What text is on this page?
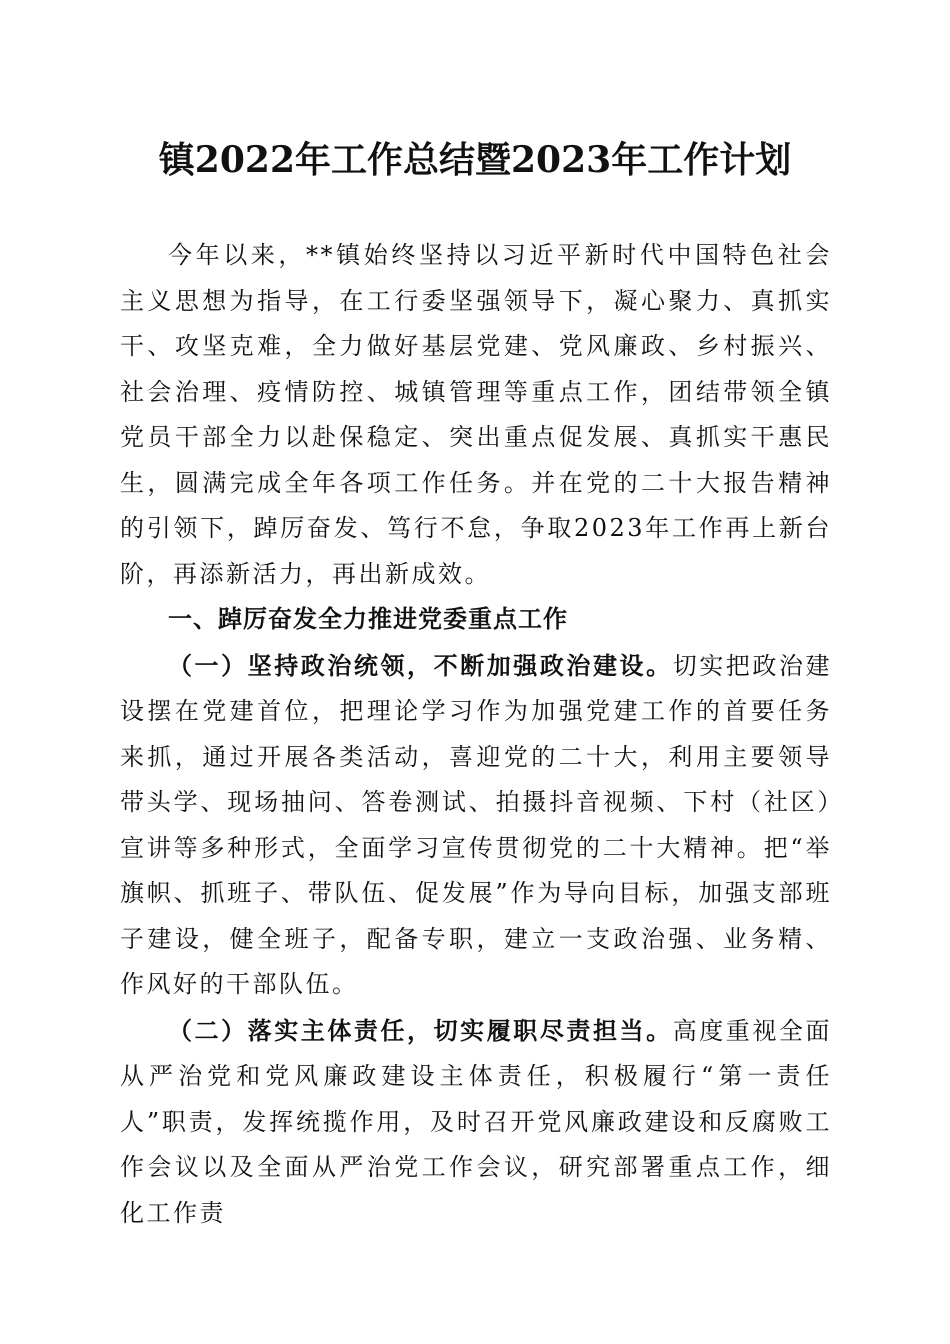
镇2022年工作总结暨2023年工作计划

今年以来，**镇始终坚持以习近平新时代中国特色社会主义思想为指导，在工行委坚强领导下，凝心聚力、真抓实干、攻坚克难，全力做好基层党建、党风廉政、乡村振兴、社会治理、疫情防控、城镇管理等重点工作，团结带领全镇党员干部全力以赴保稳定、突出重点促发展、真抓实干惠民生，圆满完成全年各项工作任务。并在党的二十大报告精神的引领下，踔厉奋发、笃行不怠，争取2023年工作再上新台阶，再添新活力，再出新成效。

一、踔厉奋发全力推进党委重点工作

（一）坚持政治统领，不断加强政治建设。切实把政治建设摆在党建首位，把理论学习作为加强党建工作的首要任务来抓，通过开展各类活动，喜迎党的二十大，利用主要领导带头学、现场抽问、答卷测试、拍摄抖音视频、下村（社区）宣讲等多种形式，全面学习宣传贯彻党的二十大精神。把“举旗帜、抓班子、带队伍、促发展”作为导向目标，加强支部班子建设，健全班子，配备专职，建立一支政治强、业务精、作风好的干部队伍。

（二）落实主体责任，切实履职尽责担当。高度重视全面从严治党和党风廉政建设主体责任，积极履行“第一责任人”职责，发挥统揽作用，及时召开党风廉政建设和反腐败工作会议以及全面从严治党工作会议，研究部署重点工作，细化工作责
